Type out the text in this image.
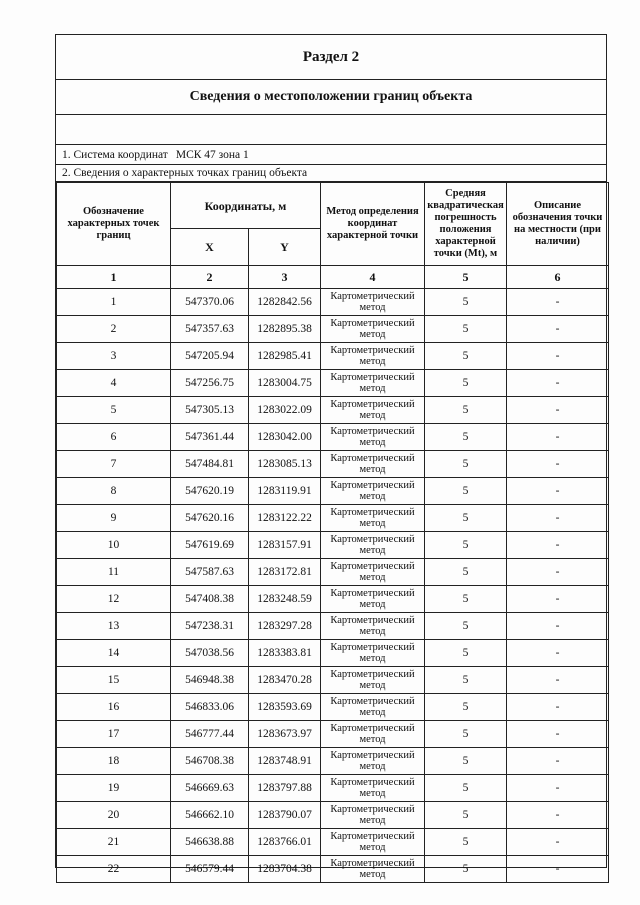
Раздел 2
Сведения о местоположении границ объекта
1. Система координат МСК 47 зона 1
2. Сведения о характерных точках границ объекта
Обозначение характерных точек границ	Координаты, м		Метод определения координат характерной точки	Средняя квадратическая погрешность положения характерной точки (Mt), м	Описание обозначения точки на местности (при наличии)
	X	Y			
1	2	3	4	5	6
1	547370.06	1282842.56	Картометрический метод	5	-
2	547357.63	1282895.38	Картометрический метод	5	-
3	547205.94	1282985.41	Картометрический метод	5	-
4	547256.75	1283004.75	Картометрический метод	5	-
5	547305.13	1283022.09	Картометрический метод	5	-
6	547361.44	1283042.00	Картометрический метод	5	-
7	547484.81	1283085.13	Картометрический метод	5	-
8	547620.19	1283119.91	Картометрический метод	5	-
9	547620.16	1283122.22	Картометрический метод	5	-
10	547619.69	1283157.91	Картометрический метод	5	-
11	547587.63	1283172.81	Картометрический метод	5	-
12	547408.38	1283248.59	Картометрический метод	5	-
13	547238.31	1283297.28	Картометрический метод	5	-
14	547038.56	1283383.81	Картометрический метод	5	-
15	546948.38	1283470.28	Картометрический метод	5	-
16	546833.06	1283593.69	Картометрический метод	5	-
17	546777.44	1283673.97	Картометрический метод	5	-
18	546708.38	1283748.91	Картометрический метод	5	-
19	546669.63	1283797.88	Картометрический метод	5	-
20	546662.10	1283790.07	Картометрический метод	5	-
21	546638.88	1283766.01	Картометрический метод	5	-
22	546579.44	1283704.38	Картометрический метод	5	-
